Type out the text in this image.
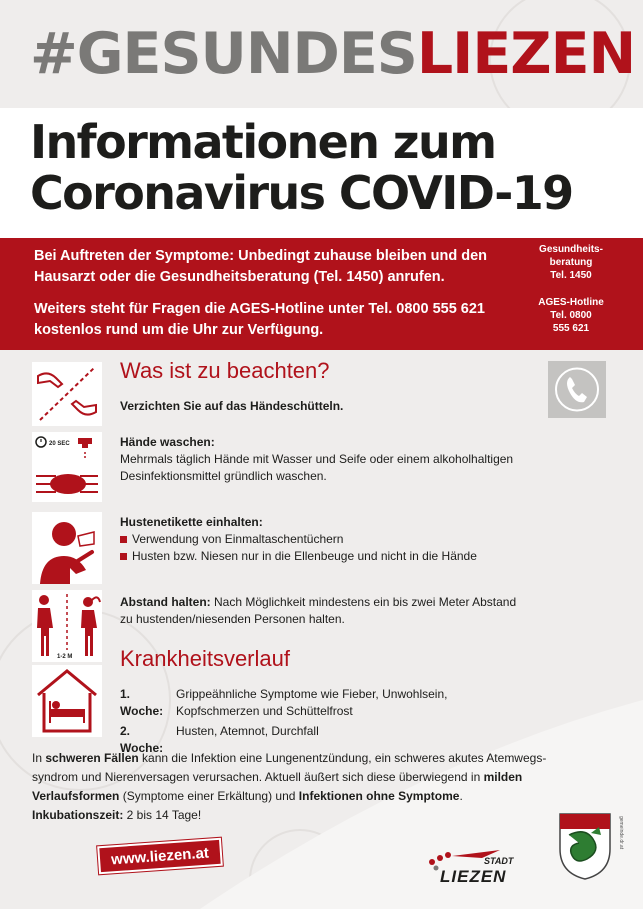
#GESUNDESLIEZEN
Informationen zum
Coronavirus COVID-19

Bei Auftreten der Symptome: Unbedingt zuhause bleiben und den Hausarzt oder die Gesundheitsberatung (Tel. 1450) anrufen.

Weiters steht für Fragen die AGES-Hotline unter Tel. 0800 555 621 kostenlos rund um die Uhr zur Verfügung.

Gesundheits-
beratung
Tel. 1450
AGES-Hotline
Tel. 0800
555 621
Was ist zu beachten?
Verzichten Sie auf das Händeschütteln.
20 SEC	Hände waschen:
Mehrmals täglich Hände mit Wasser und Seife oder einem alkoholhaltigen
Desinfektionsmittel gründlich waschen.
Hustenetikette einhalten:
Verwendung von Einmaltaschentüchern
Husten bzw. Niesen nur in die Ellenbeuge und nicht in die Hände
1-2 M
Abstand halten: Nach Möglichkeit mindestens ein bis zwei Meter Abstand
zu hustenden/niesenden Personen halten.
Krankheitsverlauf
1. Woche:
Grippeähnliche Symptome wie Fieber, Unwohlsein,
Kopfschmerzen und Schüttelfrost
2. Woche:
Husten, Atemnot, Durchfall
In schweren Fällen kann die Infektion eine Lungenentzündung, ein schweres akutes Atemwegs-syndrom und Nierenversagen verursachen. Aktuell äußert sich diese überwiegend in milden Verlaufsformen (Symptome einer Erkältung) und Infektionen ohne Symptome.
Inkubationszeit: 2 bis 14 Tage!
www.liezen.at	STADT
LIEZEN
gemeinde.dr.at
